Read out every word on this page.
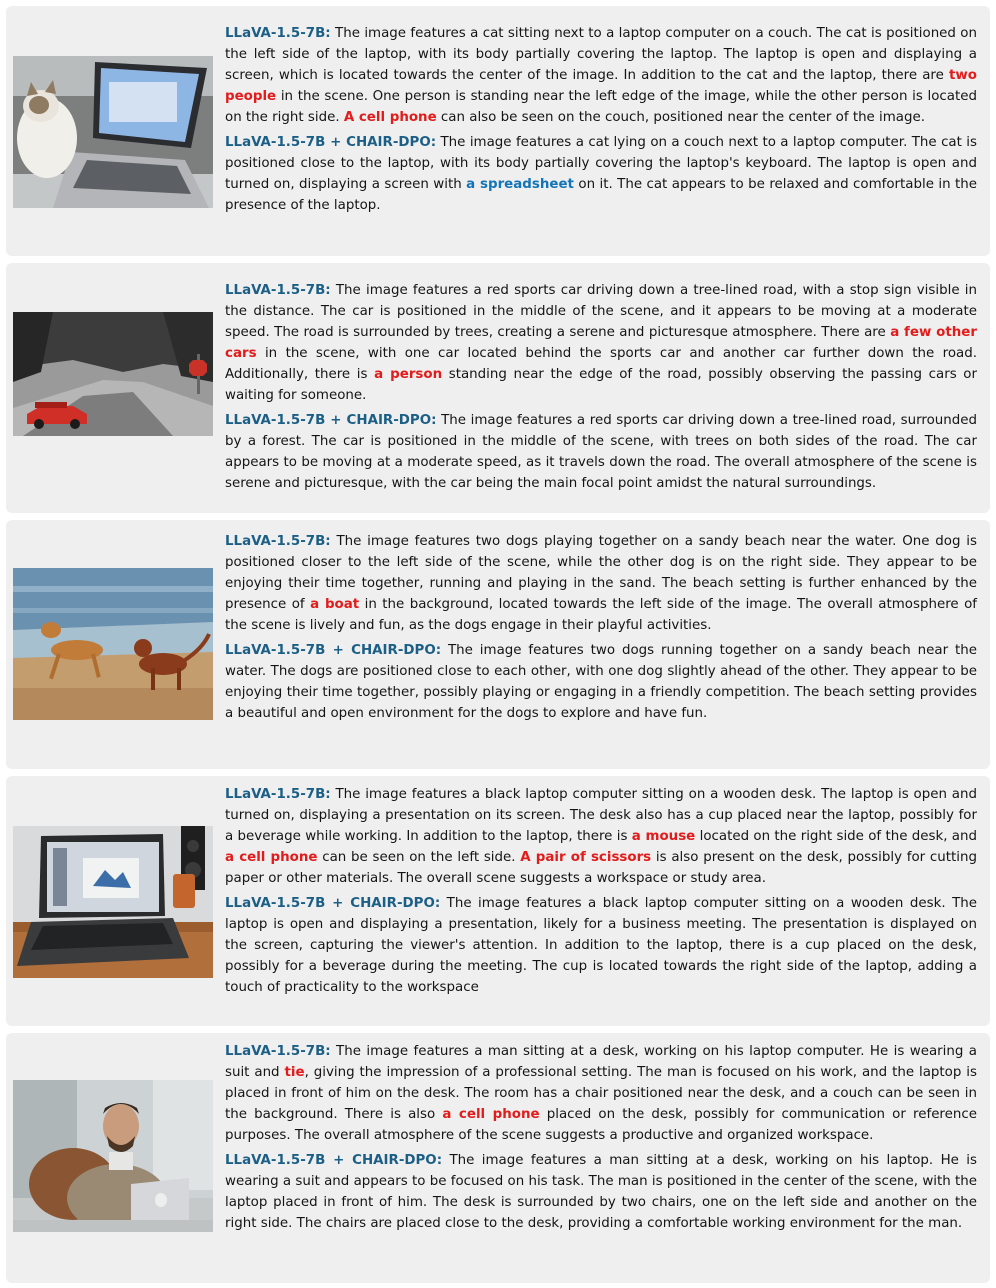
LLaVA-1.5-7B: The image features a cat sitting next to a laptop computer on a couch. The cat is positioned on the left side of the laptop, with its body partially covering the laptop. The laptop is open and displaying a screen, which is located towards the center of the image. In addition to the cat and the laptop, there are two people in the scene. One person is standing near the left edge of the image, while the other person is located on the right side. A cell phone can also be seen on the couch, positioned near the center of the image.

LLaVA-1.5-7B + CHAIR-DPO: The image features a cat lying on a couch next to a laptop computer. The cat is positioned close to the laptop, with its body partially covering the laptop's keyboard. The laptop is open and turned on, displaying a screen with a spreadsheet on it. The cat appears to be relaxed and comfortable in the presence of the laptop.

LLaVA-1.5-7B: The image features a red sports car driving down a tree-lined road, with a stop sign visible in the distance. The car is positioned in the middle of the scene, and it appears to be moving at a moderate speed. The road is surrounded by trees, creating a serene and picturesque atmosphere. There are a few other cars in the scene, with one car located behind the sports car and another car further down the road. Additionally, there is a person standing near the edge of the road, possibly observing the passing cars or waiting for someone.

LLaVA-1.5-7B + CHAIR-DPO: The image features a red sports car driving down a tree-lined road, surrounded by a forest. The car is positioned in the middle of the scene, with trees on both sides of the road. The car appears to be moving at a moderate speed, as it travels down the road. The overall atmosphere of the scene is serene and picturesque, with the car being the main focal point amidst the natural surroundings.

LLaVA-1.5-7B: The image features two dogs playing together on a sandy beach near the water. One dog is positioned closer to the left side of the scene, while the other dog is on the right side. They appear to be enjoying their time together, running and playing in the sand. The beach setting is further enhanced by the presence of a boat in the background, located towards the left side of the image. The overall atmosphere of the scene is lively and fun, as the dogs engage in their playful activities.

LLaVA-1.5-7B + CHAIR-DPO: The image features two dogs running together on a sandy beach near the water. The dogs are positioned close to each other, with one dog slightly ahead of the other. They appear to be enjoying their time together, possibly playing or engaging in a friendly competition. The beach setting provides a beautiful and open environment for the dogs to explore and have fun.

LLaVA-1.5-7B: The image features a black laptop computer sitting on a wooden desk. The laptop is open and turned on, displaying a presentation on its screen. The desk also has a cup placed near the laptop, possibly for a beverage while working. In addition to the laptop, there is a mouse located on the right side of the desk, and a cell phone can be seen on the left side. A pair of scissors is also present on the desk, possibly for cutting paper or other materials. The overall scene suggests a workspace or study area.

LLaVA-1.5-7B + CHAIR-DPO: The image features a black laptop computer sitting on a wooden desk. The laptop is open and displaying a presentation, likely for a business meeting. The presentation is displayed on the screen, capturing the viewer's attention. In addition to the laptop, there is a cup placed on the desk, possibly for a beverage during the meeting. The cup is located towards the right side of the laptop, adding a touch of practicality to the workspace

LLaVA-1.5-7B: The image features a man sitting at a desk, working on his laptop computer. He is wearing a suit and tie, giving the impression of a professional setting. The man is focused on his work, and the laptop is placed in front of him on the desk. The room has a chair positioned near the desk, and a couch can be seen in the background. There is also a cell phone placed on the desk, possibly for communication or reference purposes. The overall atmosphere of the scene suggests a productive and organized workspace.

LLaVA-1.5-7B + CHAIR-DPO: The image features a man sitting at a desk, working on his laptop. He is wearing a suit and appears to be focused on his task. The man is positioned in the center of the scene, with the laptop placed in front of him. The desk is surrounded by two chairs, one on the left side and another on the right side. The chairs are placed close to the desk, providing a comfortable working environment for the man.
